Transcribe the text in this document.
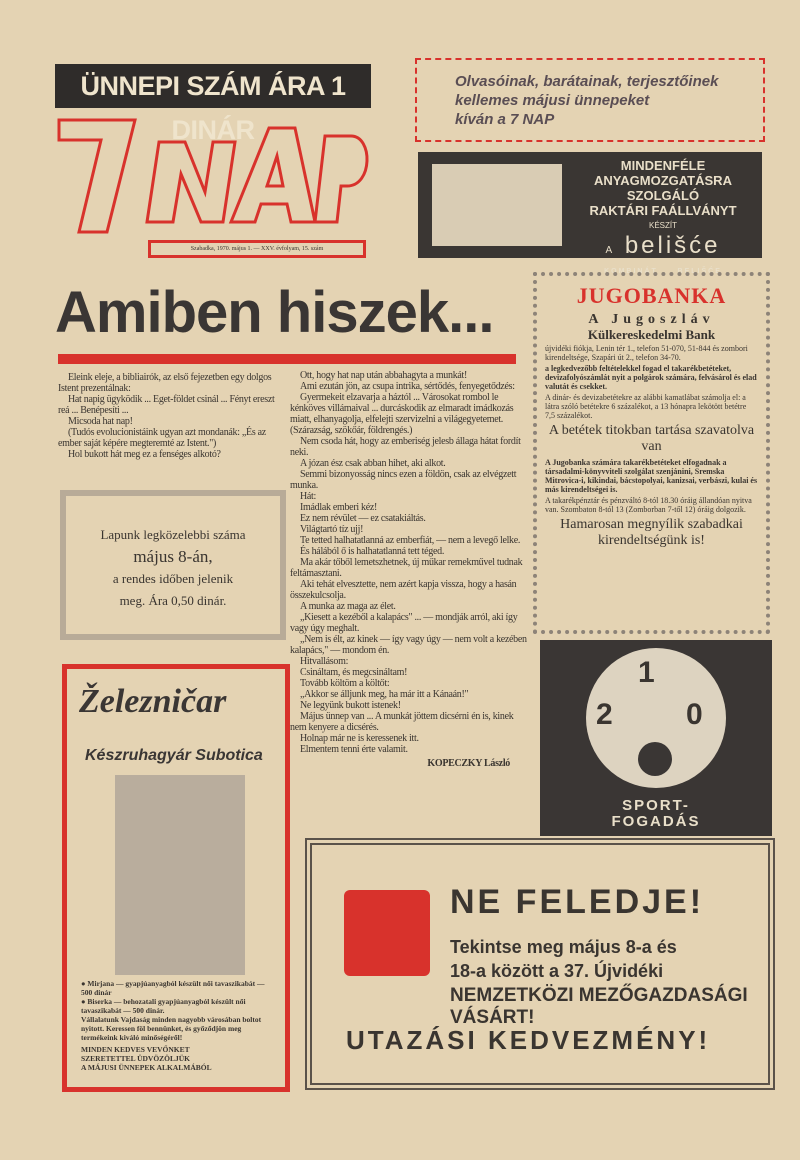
ÜNNEPI SZÁM ÁRA 1 DINÁR
Szabadka, 1970. május 1. — XXV. évfolyam, 15. szám
Olvasóinak, barátainak, terjesztőinek
kellemes májusi ünnepeket
kíván a 7 NAP
MINDENFÉLE
ANYAGMOZGATÁSRA SZOLGÁLÓ
RAKTÁRI FAÁLLVÁNYT
KÉSZÍT
A belišće
KOMBINÁT	BELIŠĆE
Amiben hiszek...

Eleink eleje, a bibliairók, az első fejezetben egy dolgos Istent prezentálnak:

Hat napig ügyködik ... Eget-földet csinál ... Fényt ereszt reá ... Benépesíti ...

Micsoda hat nap!

(Tudós evolucionistáink ugyan azt mondanák: „És az ember saját képére megteremté az Istent.")

Hol bukott hát meg ez a fenséges alkotó?

Ott, hogy hat nap után abbahagyta a munkát!

Ami ezután jön, az csupa intrika, sértődés, fenyegetődzés:

Gyermekeit elzavarja a háztól ... Városokat rombol le kénköves villámaival ... durcáskodik az elmaradt imádkozás miatt, elhanyagolja, elfelejti szervizelni a világegyetemet. (Szárazság, szökőár, földrengés.)

Nem csoda hát, hogy az emberiség jelesb állaga hátat fordít neki.

A józan ész csak abban hihet, aki alkot.

Semmi bizonyosság nincs ezen a földön, csak az elvégzett munka.

Hát:

Imádlak emberi kéz!

Ez nem révület — ez csatakiáltás.

Világtartó tíz ujj!

Te tetted halhatatlanná az emberfiát, — nem a levegő lelke.

És hálából ő is halhatatlanná tett téged.

Ma akár tőből lemetszhetnek, új műkar remekművel tudnak feltámasztani.

Aki tehát elvesztette, nem azért kapja vissza, hogy a hasán összekulcsolja.

A munka az maga az élet.

„Kiesett a kezéből a kalapács" ... — mondják arról, aki így vagy úgy meghalt.

„Nem is élt, az kinek — így vagy úgy — nem volt a kezében kalapács," — mondom én.

Hitvallásom:

Csináltam, és megcsináltam!

Tovább költöm a költőt:

„Akkor se álljunk meg, ha már itt a Kánaán!"

Ne legyünk bukott istenek!

Május ünnep van ... A munkát jöttem dicsérni én is, kinek nem kenyere a dicsérés.

Holnap már ne is keressenek itt.

Elmentem tenni érte valamit.

KOPECZKY László
Lapunk legközelebbi száma
május 8-án,
a rendes időben jelenik
meg. Ára 0,50 dinár.
Železničar
Készruhagyár Subotica
● Mirjana — gyapjúanyagból készült női tavaszikabát — 500 dinár
● Biserka — behozatali gyapjúanyagból készült női tavaszikabát — 500 dinár.
Vállalatunk Vajdaság minden nagyobb városában boltot nyitott. Keressen föl bennünket, és győződjön meg termékeink kiváló minőségéről!
MINDEN KEDVES VEVŐNKET
SZERETETTEL ÜDVÖZÖLJÜK
A MÁJUSI ÜNNEPEK ALKALMÁBÓL
JUGOBANKA
A Jugoszláv
Külkereskedelmi Bank

újvidéki fiókja, Lenin tér 1., telefon 51-070, 51-844 és zombori kirendeltsége, Szapári út 2., telefon 34-70.

a legkedvezőbb feltételekkel fogad el takarékbetéteket, devizafolyószámlát nyit a polgárok számára, felvásárol és elad valutát és csekket.

A dinár- és devizabetétekre az alábbi kamatlábat számolja el: a látra szóló betétekre 6 százalékot, a 13 hónapra lekötött betétre 7,5 százalékot.

A betétek titokban tartása szavatolva van

A Jugobanka számára takarékbetéteket elfogadnak a társadalmi-könyvviteli szolgálat szenjánini, Sremska Mitrovica-i, kikindai, bácstopolyai, kanizsai, verbászi, kulai és más kirendeltségei is.

A takarékpénztár és pénzváltó 8-tól 18.30 óráig állandóan nyitva van. Szombaton 8-tól 13 (Zomborban 7-től 12) óráig dolgozik.

Hamarosan megnyílik szabadkai kirendeltségünk is!
1
2 0
SPORT-
FOGADÁS
NE FELEDJE!
Tekintse meg május 8-a és
18-a között a 37. Újvidéki
NEMZETKÖZI MEZŐGAZDASÁGI VÁSÁRT!
UTAZÁSI KEDVEZMÉNY!
